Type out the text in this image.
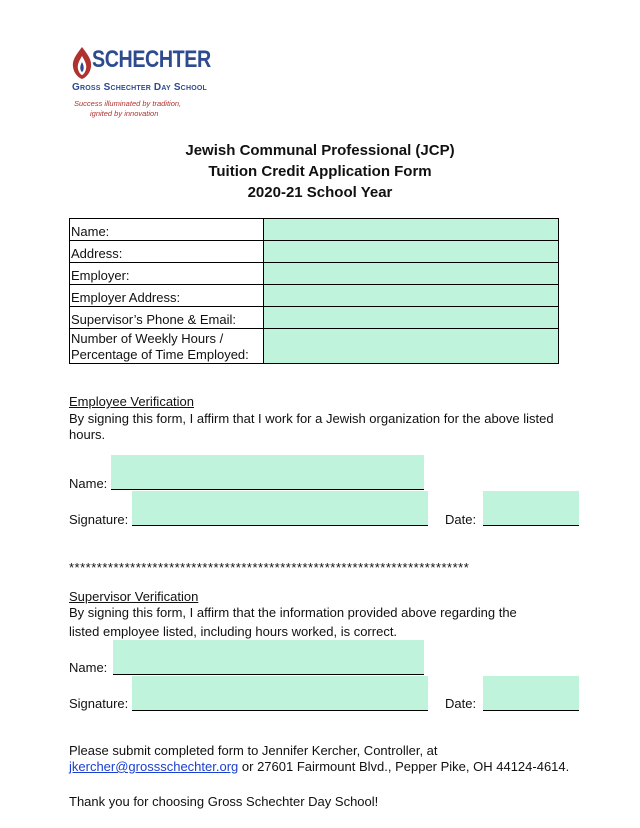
SCHECHTER
Gross Schechter Day School
Success illuminated by tradition,
ignited by innovation
Jewish Communal Professional (JCP)
Tuition Credit Application Form
2020-21 School Year
Name:	
Address:	
Employer:	
Employer Address:	
Supervisor’s Phone & Email:	

Number of Weekly Hours /
Percentage of Time Employed:	

Employee Verification
By signing this form, I affirm that I work for a Jewish organization for the above listed hours.
Name:
Signature:	Date:
************************************************************************
Supervisor Verification
By signing this form, I affirm that the information provided above regarding the
listed employee listed, including hours worked, is correct.
Name:
Signature:	Date:
Please submit completed form to Jennifer Kercher, Controller, at
jkercher@grossschechter.org or 27601 Fairmount Blvd., Pepper Pike, OH 44124-4614.
Thank you for choosing Gross Schechter Day School!
